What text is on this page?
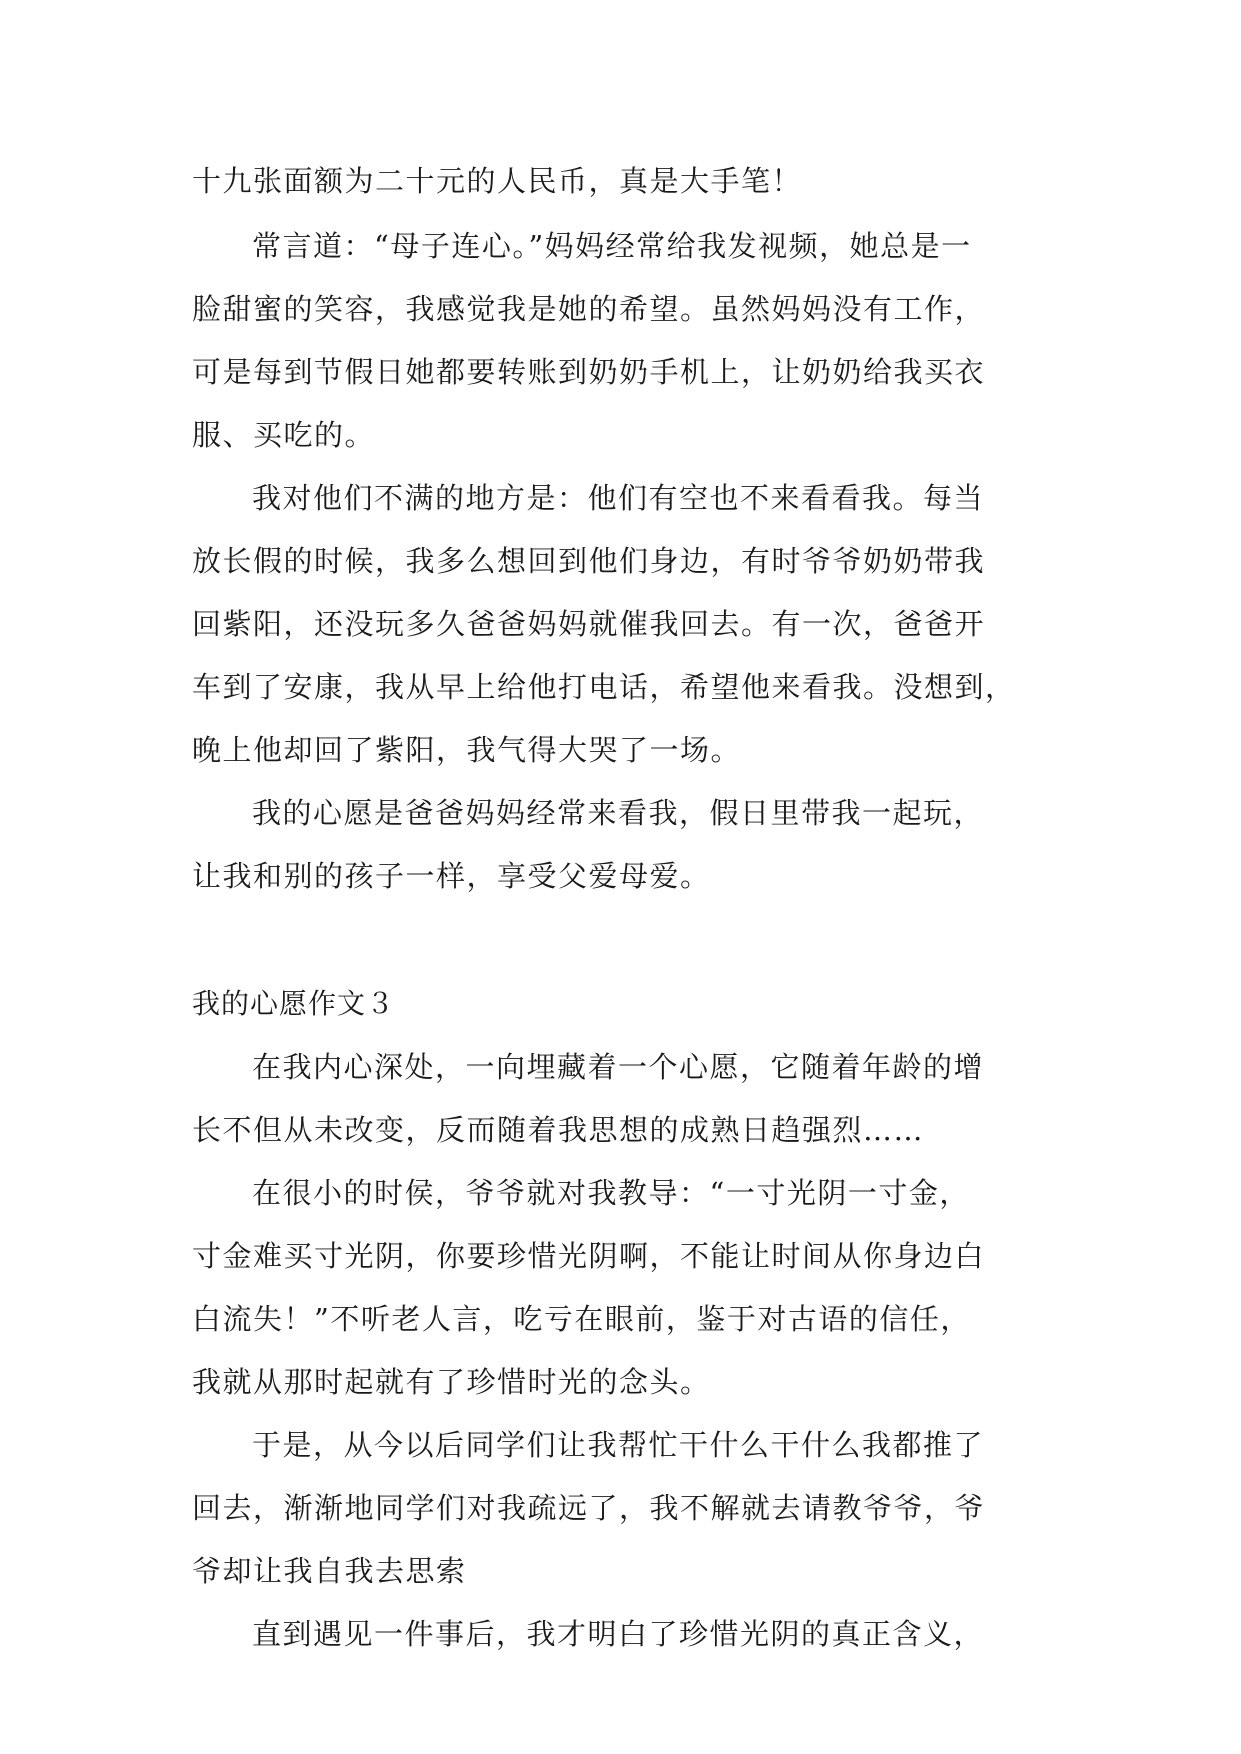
十九张面额为二十元的人民币，真是大手笔！
常言道：“母子连心。”妈妈经常给我发视频，她总是一
脸甜蜜的笑容，我感觉我是她的希望。虽然妈妈没有工作，
可是每到节假日她都要转账到奶奶手机上，让奶奶给我买衣
服、买吃的。
我对他们不满的地方是：他们有空也不来看看我。每当
放长假的时候，我多么想回到他们身边，有时爷爷奶奶带我
回紫阳，还没玩多久爸爸妈妈就催我回去。有一次，爸爸开
车到了安康，我从早上给他打电话，希望他来看我。没想到，
晚上他却回了紫阳，我气得大哭了一场。
我的心愿是爸爸妈妈经常来看我，假日里带我一起玩，
让我和别的孩子一样，享受父爱母爱。
我的心愿作文３
在我内心深处，一向埋藏着一个心愿，它随着年龄的增
长不但从未改变，反而随着我思想的成熟日趋强烈……
在很小的时侯，爷爷就对我教导：“一寸光阴一寸金，
寸金难买寸光阴，你要珍惜光阴啊，不能让时间从你身边白
白流失！”不听老人言，吃亏在眼前，鉴于对古语的信任，
我就从那时起就有了珍惜时光的念头。
于是，从今以后同学们让我帮忙干什么干什么我都推了
回去，渐渐地同学们对我疏远了，我不解就去请教爷爷，爷
爷却让我自我去思索
直到遇见一件事后，我才明白了珍惜光阴的真正含义，
